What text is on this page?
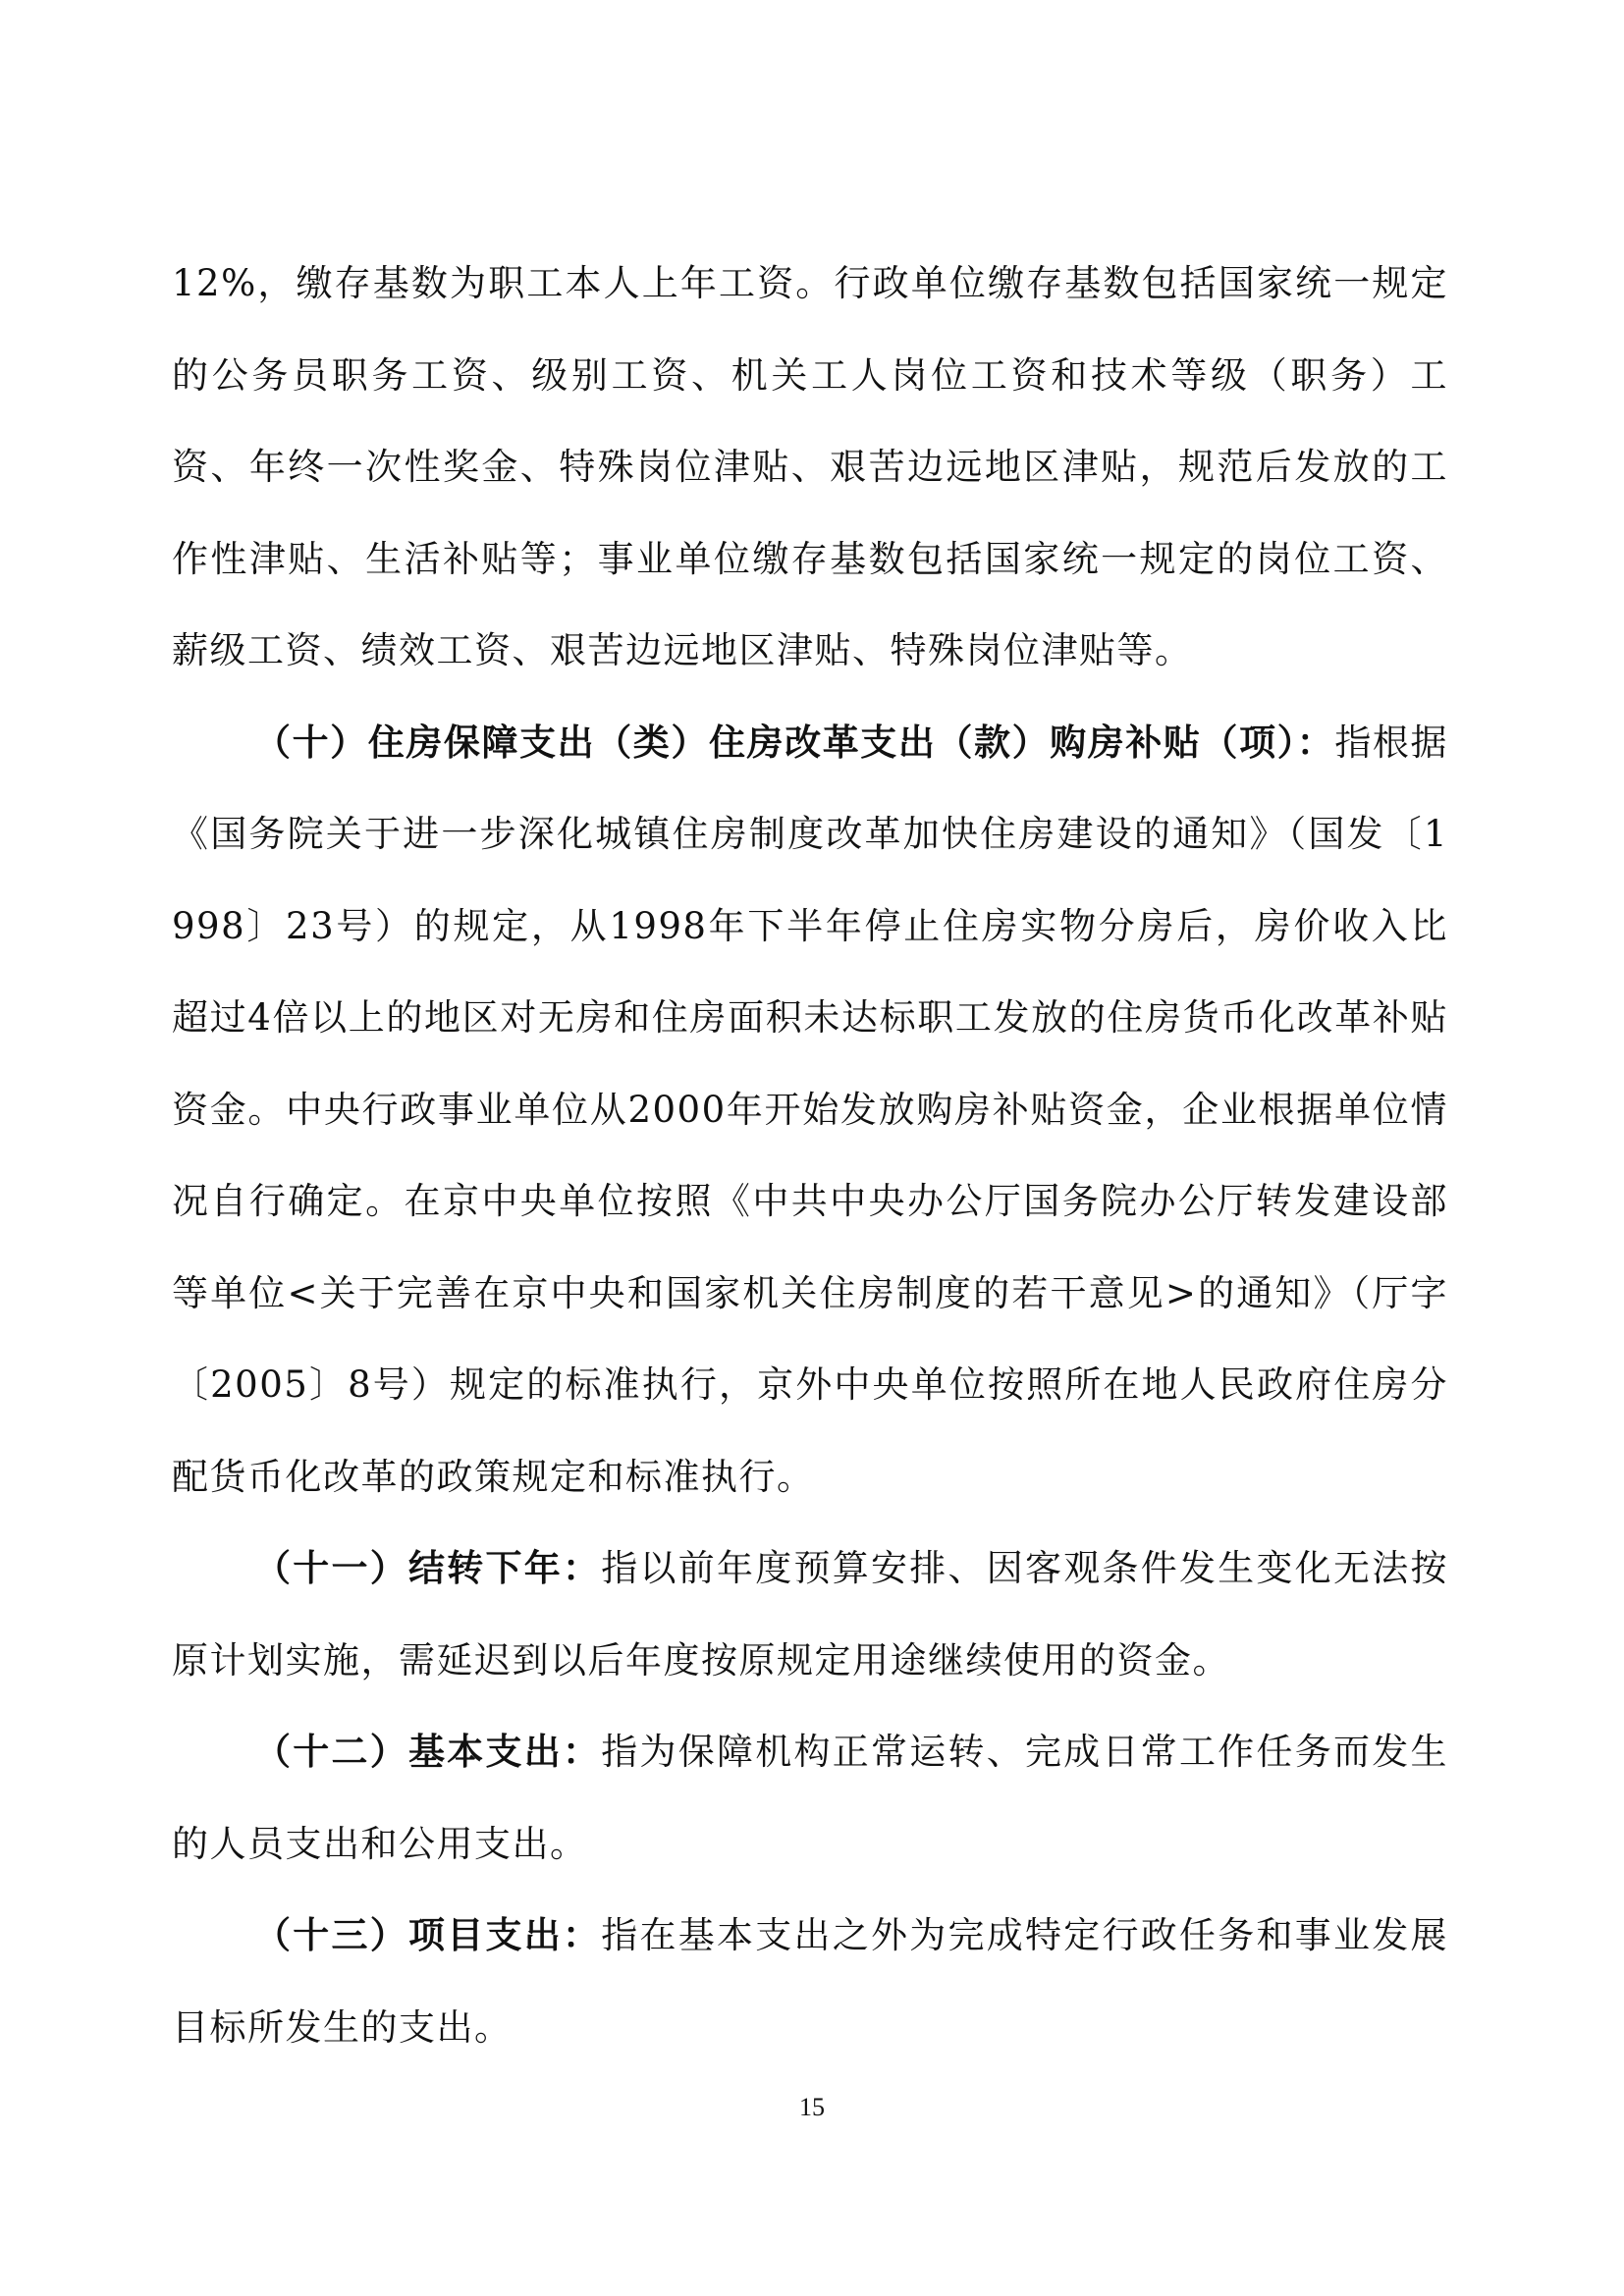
12%，缴存基数为职工本人上年工资。行政单位缴存基数包括国家统一规定的公务员职务工资、级别工资、机关工人岗位工资和技术等级（职务）工资、年终一次性奖金、特殊岗位津贴、艰苦边远地区津贴，规范后发放的工作性津贴、生活补贴等；事业单位缴存基数包括国家统一规定的岗位工资、薪级工资、绩效工资、艰苦边远地区津贴、特殊岗位津贴等。

（十）住房保障支出（类）住房改革支出（款）购房补贴（项）：指根据《国务院关于进一步深化城镇住房制度改革加快住房建设的通知》（国发〔1998〕23号）的规定，从1998年下半年停止住房实物分房后，房价收入比超过4倍以上的地区对无房和住房面积未达标职工发放的住房货币化改革补贴资金。中央行政事业单位从2000年开始发放购房补贴资金，企业根据单位情况自行确定。在京中央单位按照《中共中央办公厅国务院办公厅转发建设部等单位<关于完善在京中央和国家机关住房制度的若干意见>的通知》（厅字〔2005〕8号）规定的标准执行，京外中央单位按照所在地人民政府住房分配货币化改革的政策规定和标准执行。

（十一）结转下年：指以前年度预算安排、因客观条件发生变化无法按原计划实施，需延迟到以后年度按原规定用途继续使用的资金。

（十二）基本支出：指为保障机构正常运转、完成日常工作任务而发生的人员支出和公用支出。

（十三）项目支出：指在基本支出之外为完成特定行政任务和事业发展目标所发生的支出。

15
